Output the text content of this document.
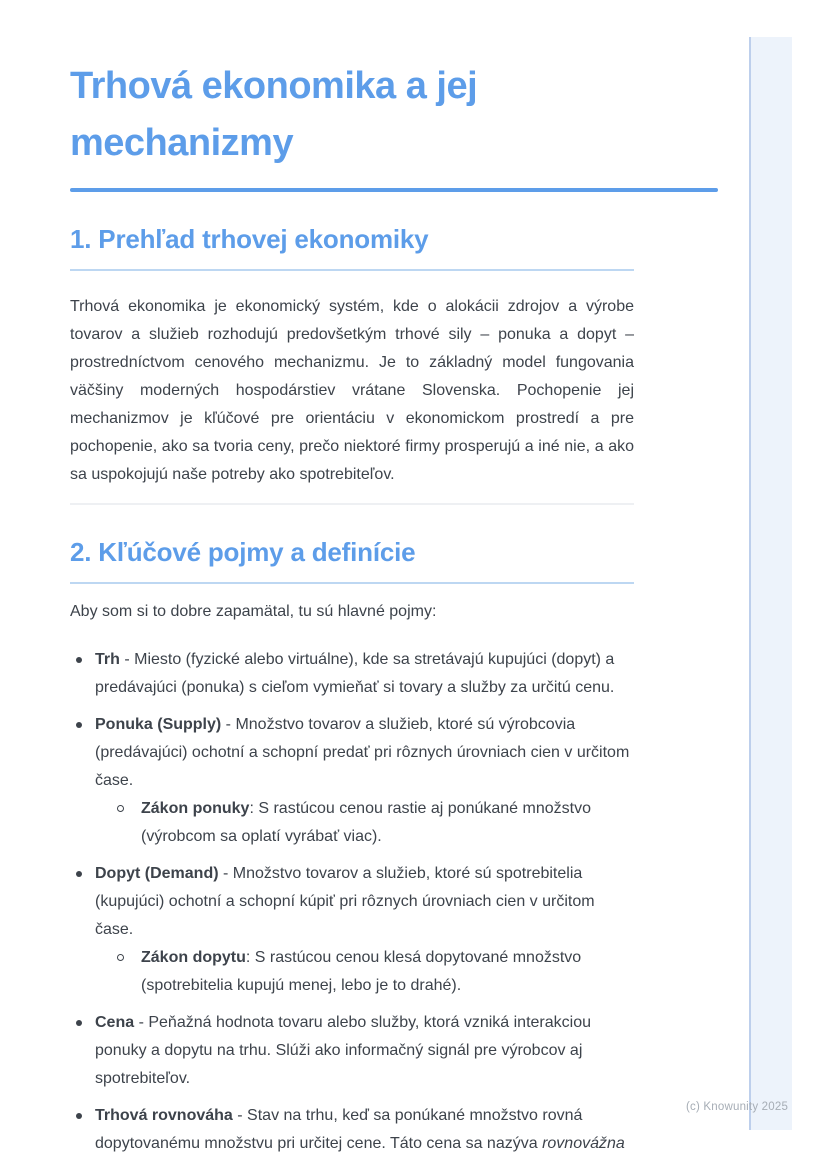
Trhová ekonomika a jej mechanizmy
1. Prehľad trhovej ekonomiky

Trhová ekonomika je ekonomický systém, kde o alokácii zdrojov a výrobe tovarov a služieb rozhodujú predovšetkým trhové sily – ponuka a dopyt – prostredníctvom cenového mechanizmu. Je to základný model fungovania väčšiny moderných hospodárstiev vrátane Slovenska. Pochopenie jej mechanizmov je kľúčové pre orientáciu v ekonomickom prostredí a pre pochopenie, ako sa tvoria ceny, prečo niektoré firmy prosperujú a iné nie, a ako sa uspokojujú naše potreby ako spotrebiteľov.

2. Kľúčové pojmy a definície

Aby som si to dobre zapamätal, tu sú hlavné pojmy:

Trh - Miesto (fyzické alebo virtuálne), kde sa stretávajú kupujúci (dopyt) a predávajúci (ponuka) s cieľom vymieňať si tovary a služby za určitú cenu.
Ponuka (Supply) - Množstvo tovarov a služieb, ktoré sú výrobcovia (predávajúci) ochotní a schopní predať pri rôznych úrovniach cien v určitom čase.
Zákon ponuky: S rastúcou cenou rastie aj ponúkané množstvo (výrobcom sa oplatí vyrábať viac).
Dopyt (Demand) - Množstvo tovarov a služieb, ktoré sú spotrebitelia (kupujúci) ochotní a schopní kúpiť pri rôznych úrovniach cien v určitom čase.
Zákon dopytu: S rastúcou cenou klesá dopytované množstvo (spotrebitelia kupujú menej, lebo je to drahé).
Cena - Peňažná hodnota tovaru alebo služby, ktorá vzniká interakciou ponuky a dopytu na trhu. Slúži ako informačný signál pre výrobcov aj spotrebiteľov.
Trhová rovnováha - Stav na trhu, keď sa ponúkané množstvo rovná dopytovanému množstvu pri určitej cene. Táto cena sa nazýva rovnovážna
(c) Knowunity 2025
